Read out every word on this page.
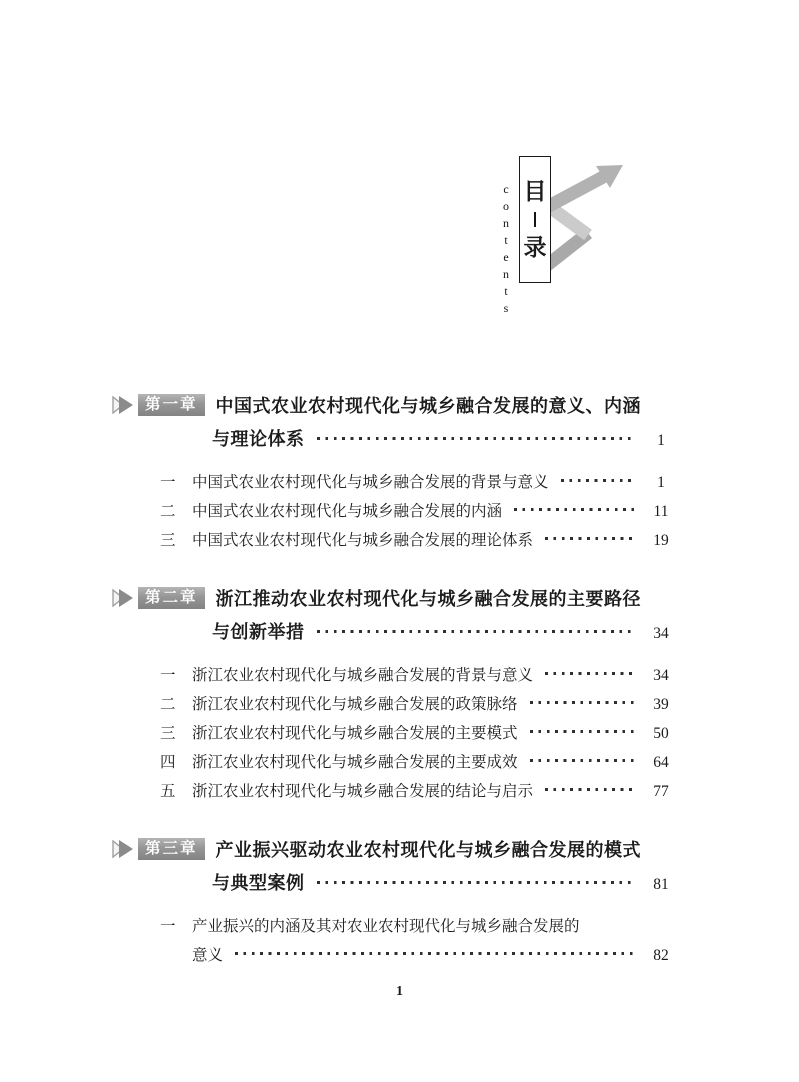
contents 目
录
第一章	中国式农业农村现代化与城乡融合发展的意义、内涵
与理论体系	1
一 中国式农业农村现代化与城乡融合发展的背景与意义	1
二 中国式农业农村现代化与城乡融合发展的内涵	11
三 中国式农业农村现代化与城乡融合发展的理论体系	19
第二章	浙江推动农业农村现代化与城乡融合发展的主要路径
与创新举措	34
一 浙江农业农村现代化与城乡融合发展的背景与意义	34
二 浙江农业农村现代化与城乡融合发展的政策脉络	39
三 浙江农业农村现代化与城乡融合发展的主要模式	50
四 浙江农业农村现代化与城乡融合发展的主要成效	64
五 浙江农业农村现代化与城乡融合发展的结论与启示	77
第三章	产业振兴驱动农业农村现代化与城乡融合发展的模式
与典型案例	81
一 产业振兴的内涵及其对农业农村现代化与城乡融合发展的
意义	82
1
